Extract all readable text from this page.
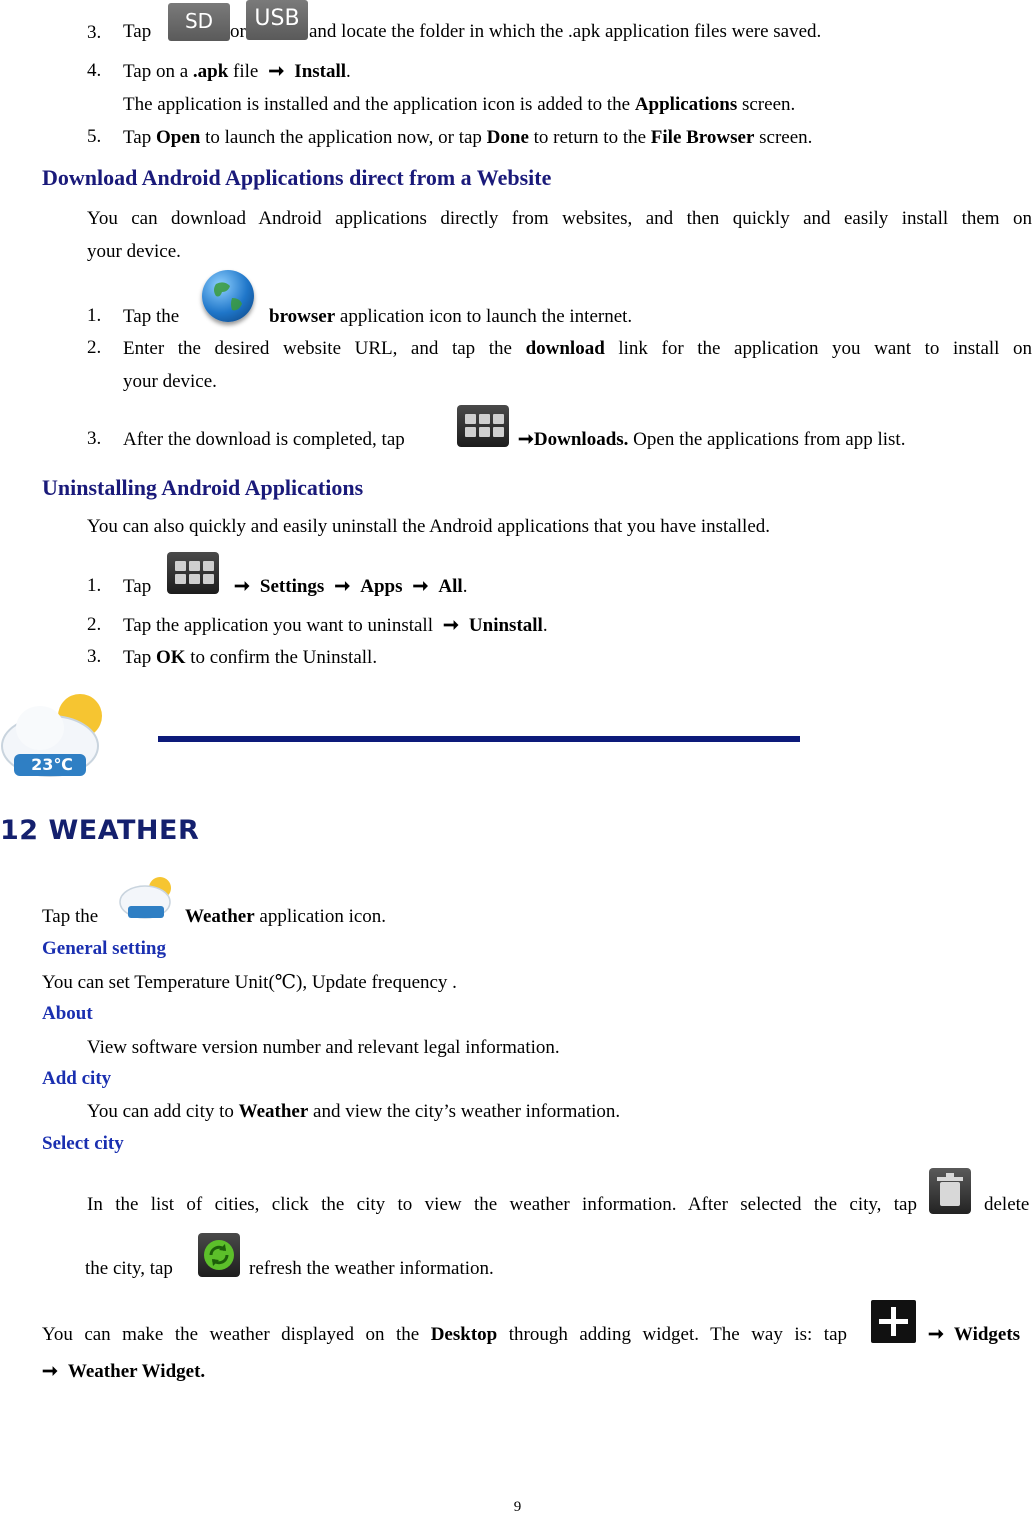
3. Tap	SD or
USB
and locate the folder in which the .apk application files were saved.
4. Tap on a .apk file ➞ Install.
The application is installed and the application icon is added to the Applications screen.
5. Tap Open to launch the application now, or tap Done to return to the File Browser screen.
Download Android Applications direct from a Website
You can download Android applications directly from websites, and then quickly and easily install them on
your device.
1. Tap the	browser application icon to launch the internet.
2. Enter the desired website URL, and tap the download link for the application you want to install on
your device.
3. After the download is completed, tap	➞Downloads. Open the applications from app list.
Uninstalling Android Applications
You can also quickly and easily uninstall the Android applications that you have installed.
1. Tap	➞ Settings ➞ Apps ➞ All.
2. Tap the application you want to uninstall ➞ Uninstall.
3. Tap OK to confirm the Uninstall.
23℃
12 WEATHER
Tap the	Weather application icon.
General setting
You can set Temperature Unit(℃), Update frequency .
About
View software version number and relevant legal information.
Add city
You can add city to Weather and view the city’s weather information.
Select city
In the list of cities, click the city to view the weather information. After selected the city, tap	delete
the city, tap	refresh the weather information.
You can make the weather displayed on the Desktop through adding widget. The way is: tap	➞ Widgets
➞ Weather Widget.
9
